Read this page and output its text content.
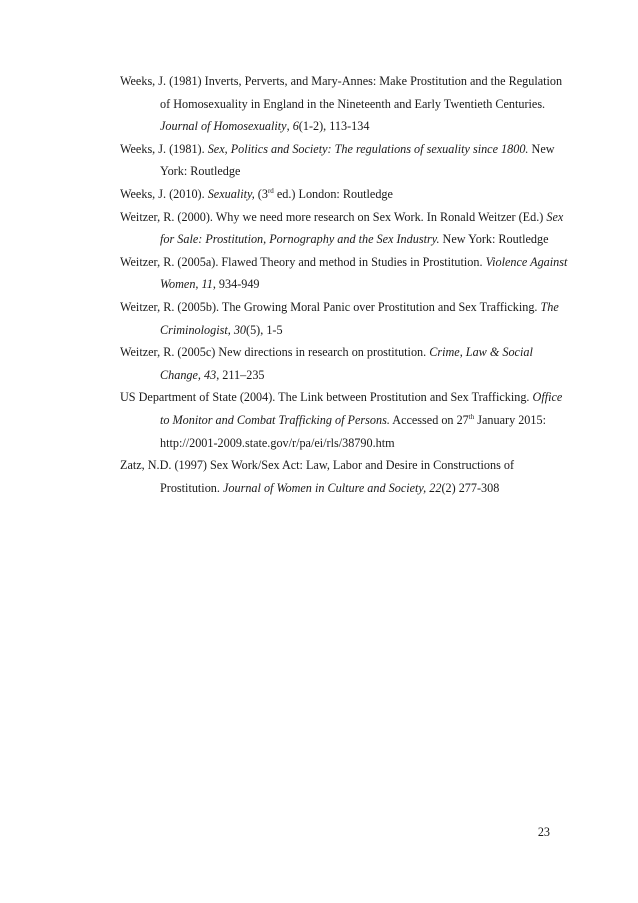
Weeks, J. (1981) Inverts, Perverts, and Mary-Annes: Make Prostitution and the Regulation of Homosexuality in England in the Nineteenth and Early Twentieth Centuries. Journal of Homosexuality, 6(1-2), 113-134

Weeks, J. (1981). Sex, Politics and Society: The regulations of sexuality since 1800. New York: Routledge

Weeks, J. (2010). Sexuality, (3rd ed.) London: Routledge

Weitzer, R. (2000). Why we need more research on Sex Work. In Ronald Weitzer (Ed.) Sex for Sale: Prostitution, Pornography and the Sex Industry. New York: Routledge

Weitzer, R. (2005a). Flawed Theory and method in Studies in Prostitution. Violence Against Women, 11, 934-949

Weitzer, R. (2005b). The Growing Moral Panic over Prostitution and Sex Trafficking. The Criminologist, 30(5), 1-5

Weitzer, R. (2005c) New directions in research on prostitution. Crime, Law & Social Change, 43, 211–235

US Department of State (2004). The Link between Prostitution and Sex Trafficking. Office to Monitor and Combat Trafficking of Persons. Accessed on 27th January 2015: http://2001-2009.state.gov/r/pa/ei/rls/38790.htm

Zatz, N.D. (1997) Sex Work/Sex Act: Law, Labor and Desire in Constructions of Prostitution. Journal of Women in Culture and Society, 22(2) 277-308

23
